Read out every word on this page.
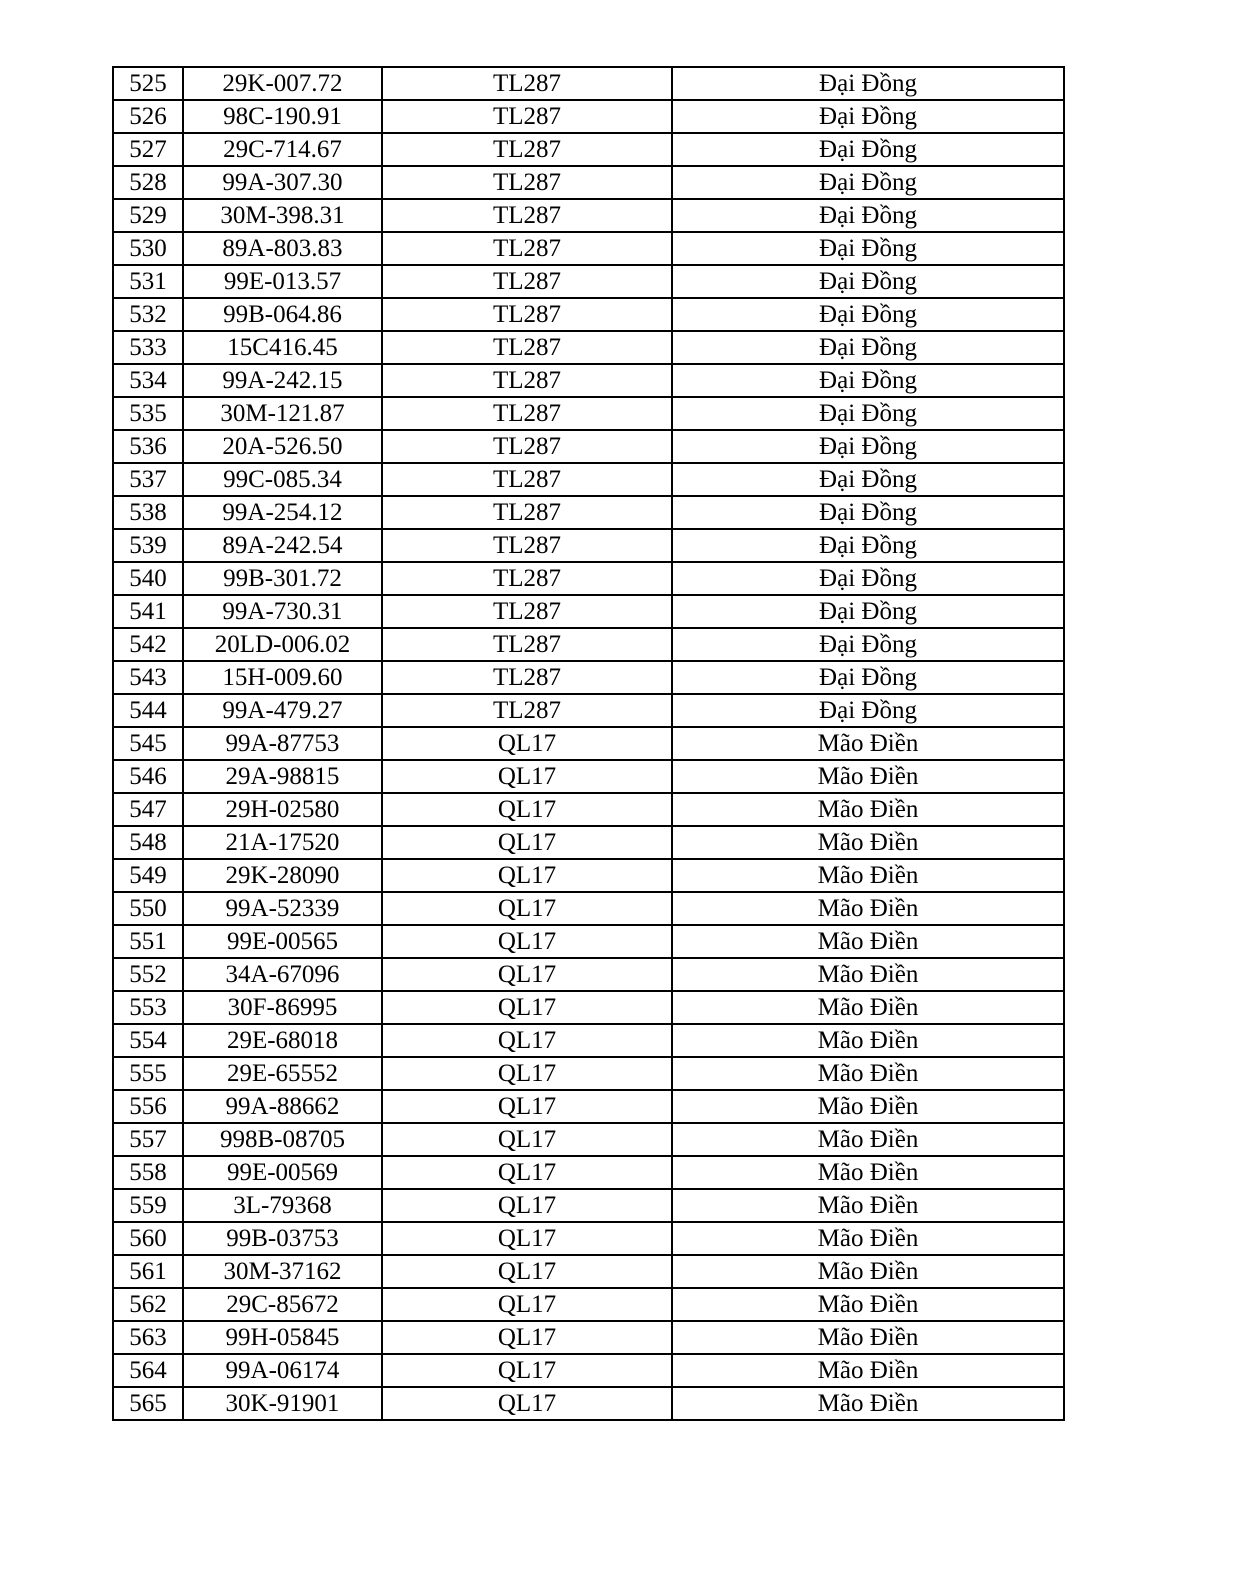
525	29K-007.72	TL287	Đại Đồng
526	98C-190.91	TL287	Đại Đồng
527	29C-714.67	TL287	Đại Đồng
528	99A-307.30	TL287	Đại Đồng
529	30M-398.31	TL287	Đại Đồng
530	89A-803.83	TL287	Đại Đồng
531	99E-013.57	TL287	Đại Đồng
532	99B-064.86	TL287	Đại Đồng
533	15C416.45	TL287	Đại Đồng
534	99A-242.15	TL287	Đại Đồng
535	30M-121.87	TL287	Đại Đồng
536	20A-526.50	TL287	Đại Đồng
537	99C-085.34	TL287	Đại Đồng
538	99A-254.12	TL287	Đại Đồng
539	89A-242.54	TL287	Đại Đồng
540	99B-301.72	TL287	Đại Đồng
541	99A-730.31	TL287	Đại Đồng
542	20LD-006.02	TL287	Đại Đồng
543	15H-009.60	TL287	Đại Đồng
544	99A-479.27	TL287	Đại Đồng
545	99A-87753	QL17	Mão Điền
546	29A-98815	QL17	Mão Điền
547	29H-02580	QL17	Mão Điền
548	21A-17520	QL17	Mão Điền
549	29K-28090	QL17	Mão Điền
550	99A-52339	QL17	Mão Điền
551	99E-00565	QL17	Mão Điền
552	34A-67096	QL17	Mão Điền
553	30F-86995	QL17	Mão Điền
554	29E-68018	QL17	Mão Điền
555	29E-65552	QL17	Mão Điền
556	99A-88662	QL17	Mão Điền
557	998B-08705	QL17	Mão Điền
558	99E-00569	QL17	Mão Điền
559	3L-79368	QL17	Mão Điền
560	99B-03753	QL17	Mão Điền
561	30M-37162	QL17	Mão Điền
562	29C-85672	QL17	Mão Điền
563	99H-05845	QL17	Mão Điền
564	99A-06174	QL17	Mão Điền
565	30K-91901	QL17	Mão Điền
